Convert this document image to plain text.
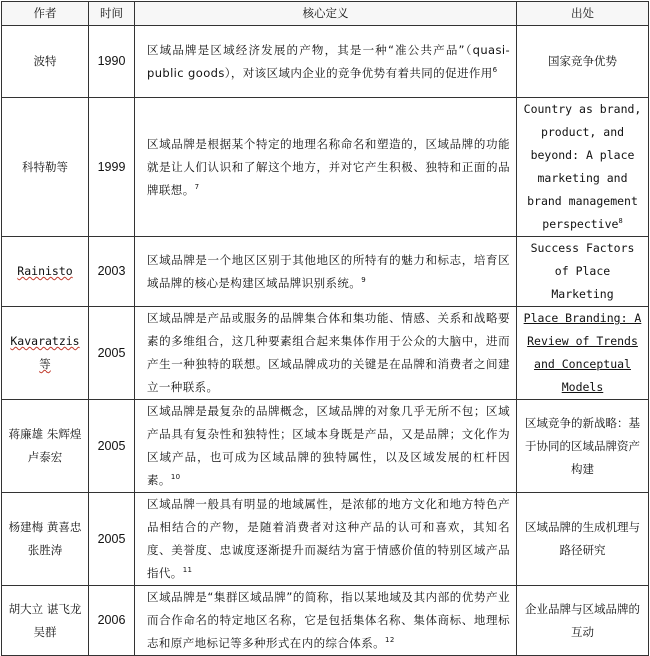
作者	时间	核心定义	出处
波特	1990	区域品牌是区域经济发展的产物，其是一种“准公共产品”（quasi-public goods），对该区域内企业的竞争优势有着共同的促进作用$^6$	国家竞争优势
科特勒等	1999	区域品牌是根据某个特定的地理名称命名和塑造的，区域品牌的功能就是让人们认识和了解这个地方，并对它产生积极、独特和正面的品牌联想。$^7$	Country as brand, product, and beyond: A place marketing and brand management perspective$^8$
Rainisto	2003	区域品牌是一个地区区别于其他地区的所特有的魅力和标志，培育区域品牌的核心是构建区域品牌识别系统。$^9$	Success Factors of Place Marketing
Kavaratzis等	2005	区域品牌是产品或服务的品牌集合体和集功能、情感、关系和战略要素的多维组合，这几种要素组合起来集体作用于公众的大脑中，进而产生一种独特的联想。区域品牌成功的关键是在品牌和消费者之间建立一种联系。	Place Branding: A Review of Trends and Conceptual Models
蒋廉雄 朱辉煌 卢泰宏	2005	区域品牌是最复杂的品牌概念，区域品牌的对象几乎无所不包；区域产品具有复杂性和独特性；区域本身既是产品，又是品牌；文化作为区域产品，也可成为区域品牌的独特属性，以及区域发展的杠杆因素。$^{10}$	区域竞争的新战略：基于协同的区域品牌资产构建
杨建梅 黄喜忠 张胜涛	2005	区域品牌一般具有明显的地域属性，是浓郁的地方文化和地方特色产品相结合的产物，是随着消费者对这种产品的认可和喜欢，其知名度、美誉度、忠诚度逐渐提升而凝结为富于情感价值的特别区域产品指代。$^{11}$	区域品牌的生成机理与路径研究
胡大立 谌飞龙 吴群	2006	区域品牌是“集群区域品牌”的简称，指以某地域及其内部的优势产业而合作命名的特定地区名称，它是包括集体名称、集体商标、地理标志和原产地标记等多种形式在内的综合体系。$^{12}$	企业品牌与区域品牌的互动
